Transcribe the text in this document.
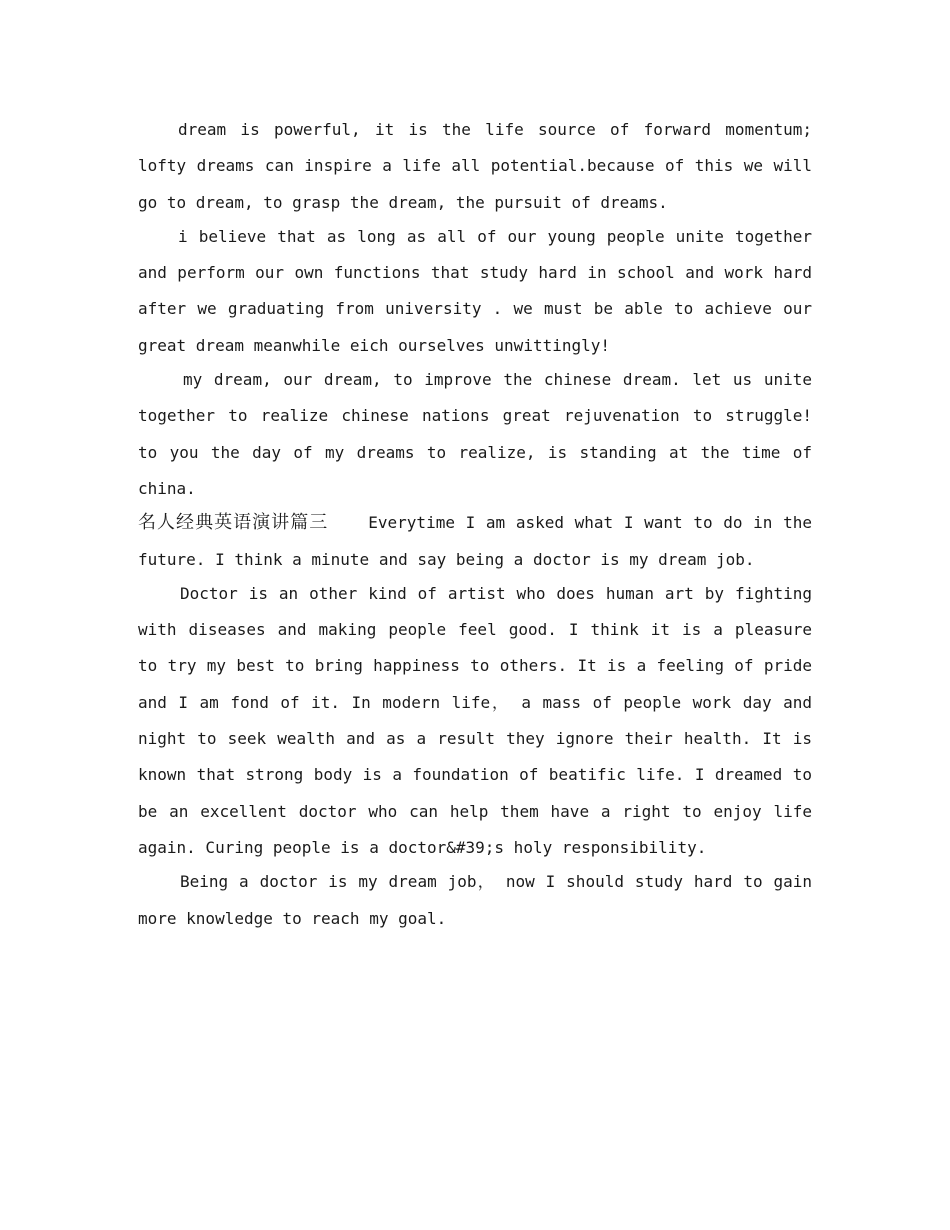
dream is powerful, it is the life source of forward momentum; lofty dreams can inspire a life all potential.because of this we will go to dream, to grasp the dream, the pursuit of dreams.

i believe that as long as all of our young people unite together and perform our own functions that study hard in school and work hard after we graduating from university . we must be able to achieve our great dream meanwhile eich ourselves unwittingly!

my dream, our dream, to improve the chinese dream. let us unite together to realize chinese nations great rejuvenation to struggle! to you the day of my dreams to realize, is standing at the time of china.

名人经典英语演讲篇三	Everytime I am asked what I want to do in the future. I think a minute and say being a doctor is my dream job.

Doctor is an other kind of artist who does human art by fighting with diseases and making people feel good. I think it is a pleasure to try my best to bring happiness to others. It is a feeling of pride and I am fond of it. In modern life， a mass of people work day and night to seek wealth and as a result they ignore their health. It is known that strong body is a foundation of beatific life. I dreamed to be an excellent doctor who can help them have a right to enjoy life again. Curing people is a doctor&#39;s holy responsibility.

Being a doctor is my dream job， now I should study hard to gain more knowledge to reach my goal.
